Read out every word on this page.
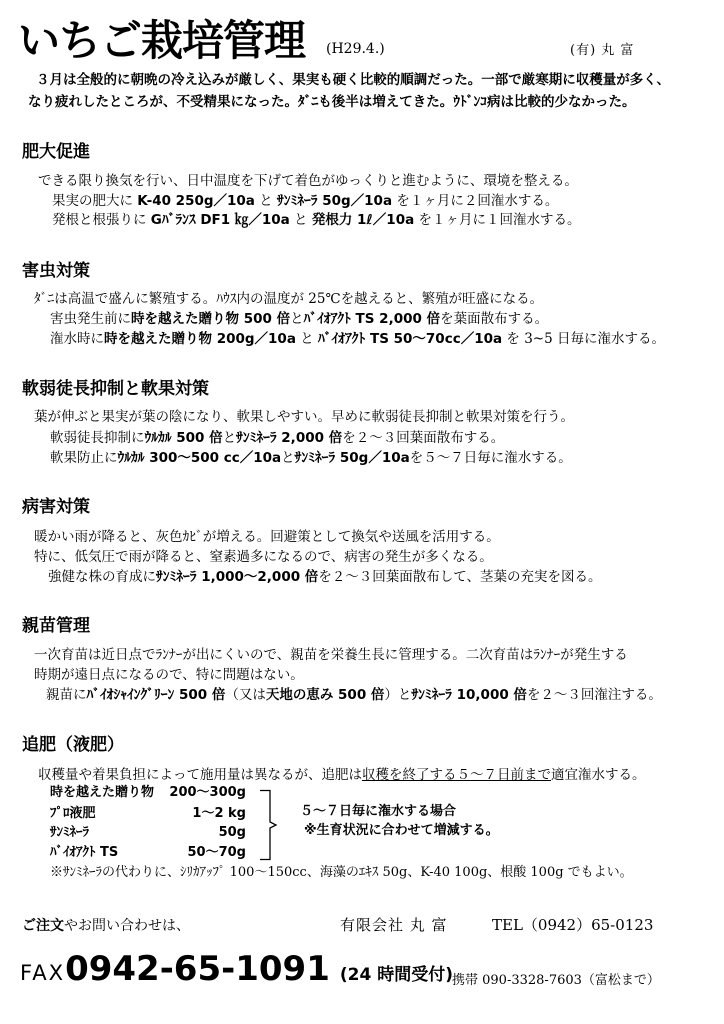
いちご栽培管理 (H29.4.)	(有) 丸 富
３月は全般的に朝晩の冷え込みが厳しく、果実も硬く比較的順調だった。一部で厳寒期に収穫量が多く、
なり疲れしたところが、不受精果になった。ﾀﾞﾆも後半は増えてきた。ｳﾄﾞﾝｺ病は比較的少なかった。
肥大促進
できる限り換気を行い、日中温度を下げて着色がゆっくりと進むように、環境を整える。
果実の肥大に K-40 250g／10a と ｻﾝﾐﾈｰﾗ 50g／10a を１ヶ月に２回潅水する。
発根と根張りに Gﾊﾞﾗﾝｽ DF1 ㎏／10a と 発根力 1ℓ／10a を１ヶ月に１回潅水する。
害虫対策
ﾀﾞﾆは高温で盛んに繁殖する。ﾊｳｽ内の温度が 25℃を越えると、繁殖が旺盛になる。
害虫発生前に時を越えた贈り物 500 倍とﾊﾞｲｵｱｸﾄ TS 2,000 倍を葉面散布する。
潅水時に時を越えた贈り物 200g／10a と ﾊﾞｲｵｱｸﾄ TS 50〜70cc／10a を 3~5 日毎に潅水する。
軟弱徒長抑制と軟果対策
葉が伸ぶと果実が葉の陰になり、軟果しやすい。早めに軟弱徒長抑制と軟果対策を行う。
軟弱徒長抑制にｳﾙｶﾙ 500 倍とｻﾝﾐﾈｰﾗ 2,000 倍を２〜３回葉面散布する。
軟果防止にｳﾙｶﾙ 300〜500 cc／10aとｻﾝﾐﾈｰﾗ 50g／10aを５〜７日毎に潅水する。
病害対策
暖かい雨が降ると、灰色ｶﾋﾞが増える。回避策として換気や送風を活用する。
特に、低気圧で雨が降ると、窒素過多になるので、病害の発生が多くなる。
強健な株の育成にｻﾝﾐﾈｰﾗ 1,000〜2,000 倍を２〜３回葉面散布して、茎葉の充実を図る。
親苗管理
一次育苗は近日点でﾗﾝﾅｰが出にくいので、親苗を栄養生長に管理する。二次育苗はﾗﾝﾅｰが発生する
時期が遠日点になるので、特に問題はない。
親苗にﾊﾞｲｵｼｬｲﾝｸﾞﾘｰﾝ 500 倍（又は天地の恵み 500 倍）とｻﾝﾐﾈｰﾗ 10,000 倍を２〜３回潅注する。
追肥（液肥）
収穫量や着果負担によって施用量は異なるが、追肥は収穫を終了する５〜７日前まで適宜潅水する。
時を越えた贈り物 200〜300g
ﾌﾟﾛ液肥	1〜2 kg
ｻﾝﾐﾈｰﾗ	50g
ﾊﾞｲｵｱｸﾄ TS	50〜70g
５〜７日毎に潅水する場合
※生育状況に合わせて増減する。
※ｻﾝﾐﾈｰﾗの代わりに、ｼﾘｶｱｯﾌﾟ 100〜150cc、海藻のｴｷｽ 50g、K-40 100g、根酸 100g でもよい。
ご注文やお問い合わせは、	有限会社 丸 富	TEL（0942）65-0123
FAX0942-65-1091 (24 時間受付) 携帯 090-3328-7603（富松まで）
